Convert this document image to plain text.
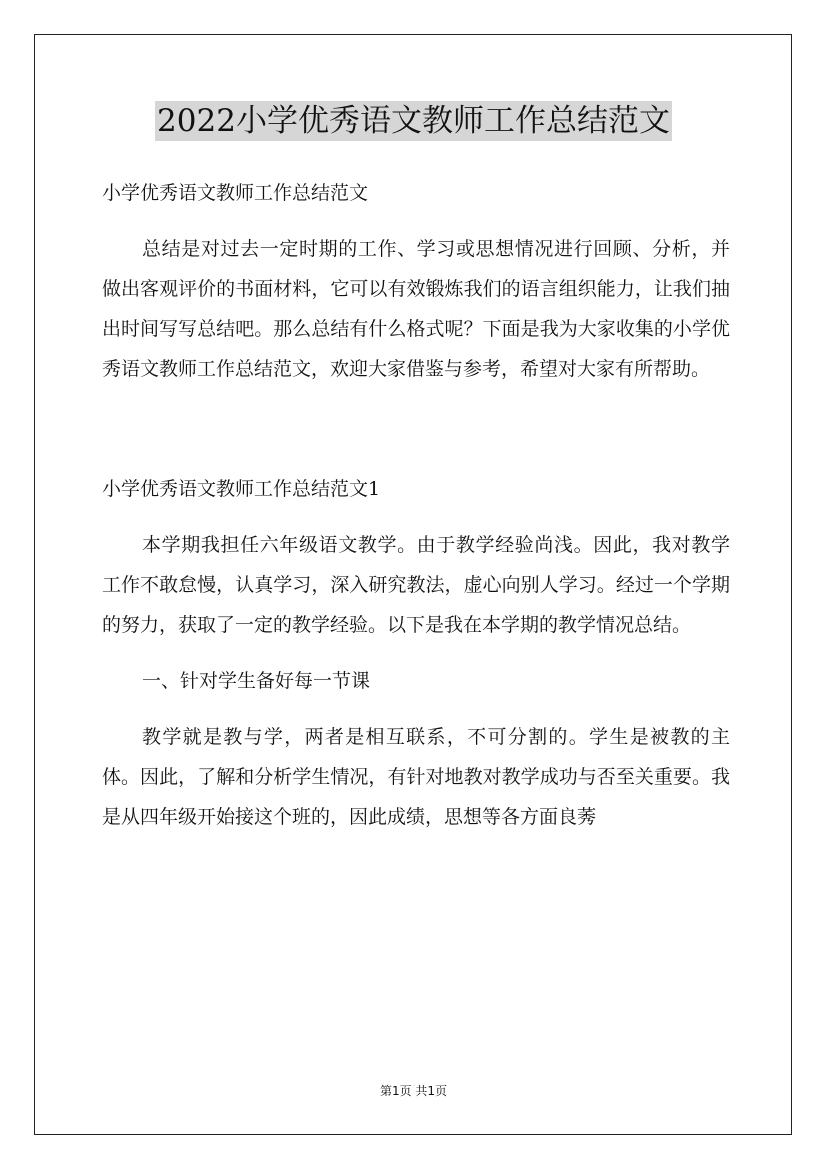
2022小学优秀语文教师工作总结范文

小学优秀语文教师工作总结范文

总结是对过去一定时期的工作、学习或思想情况进行回顾、分析，并做出客观评价的书面材料，它可以有效锻炼我们的语言组织能力，让我们抽出时间写写总结吧。那么总结有什么格式呢？下面是我为大家收集的小学优秀语文教师工作总结范文，欢迎大家借鉴与参考，希望对大家有所帮助。

小学优秀语文教师工作总结范文1

本学期我担任六年级语文教学。由于教学经验尚浅。因此，我对教学工作不敢怠慢，认真学习，深入研究教法，虚心向别人学习。经过一个学期的努力，获取了一定的教学经验。以下是我在本学期的教学情况总结。

一、针对学生备好每一节课

教学就是教与学，两者是相互联系，不可分割的。学生是被教的主体。因此，了解和分析学生情况，有针对地教对教学成功与否至关重要。我是从四年级开始接这个班的，因此成绩，思想等各方面良莠

第1页 共1页
